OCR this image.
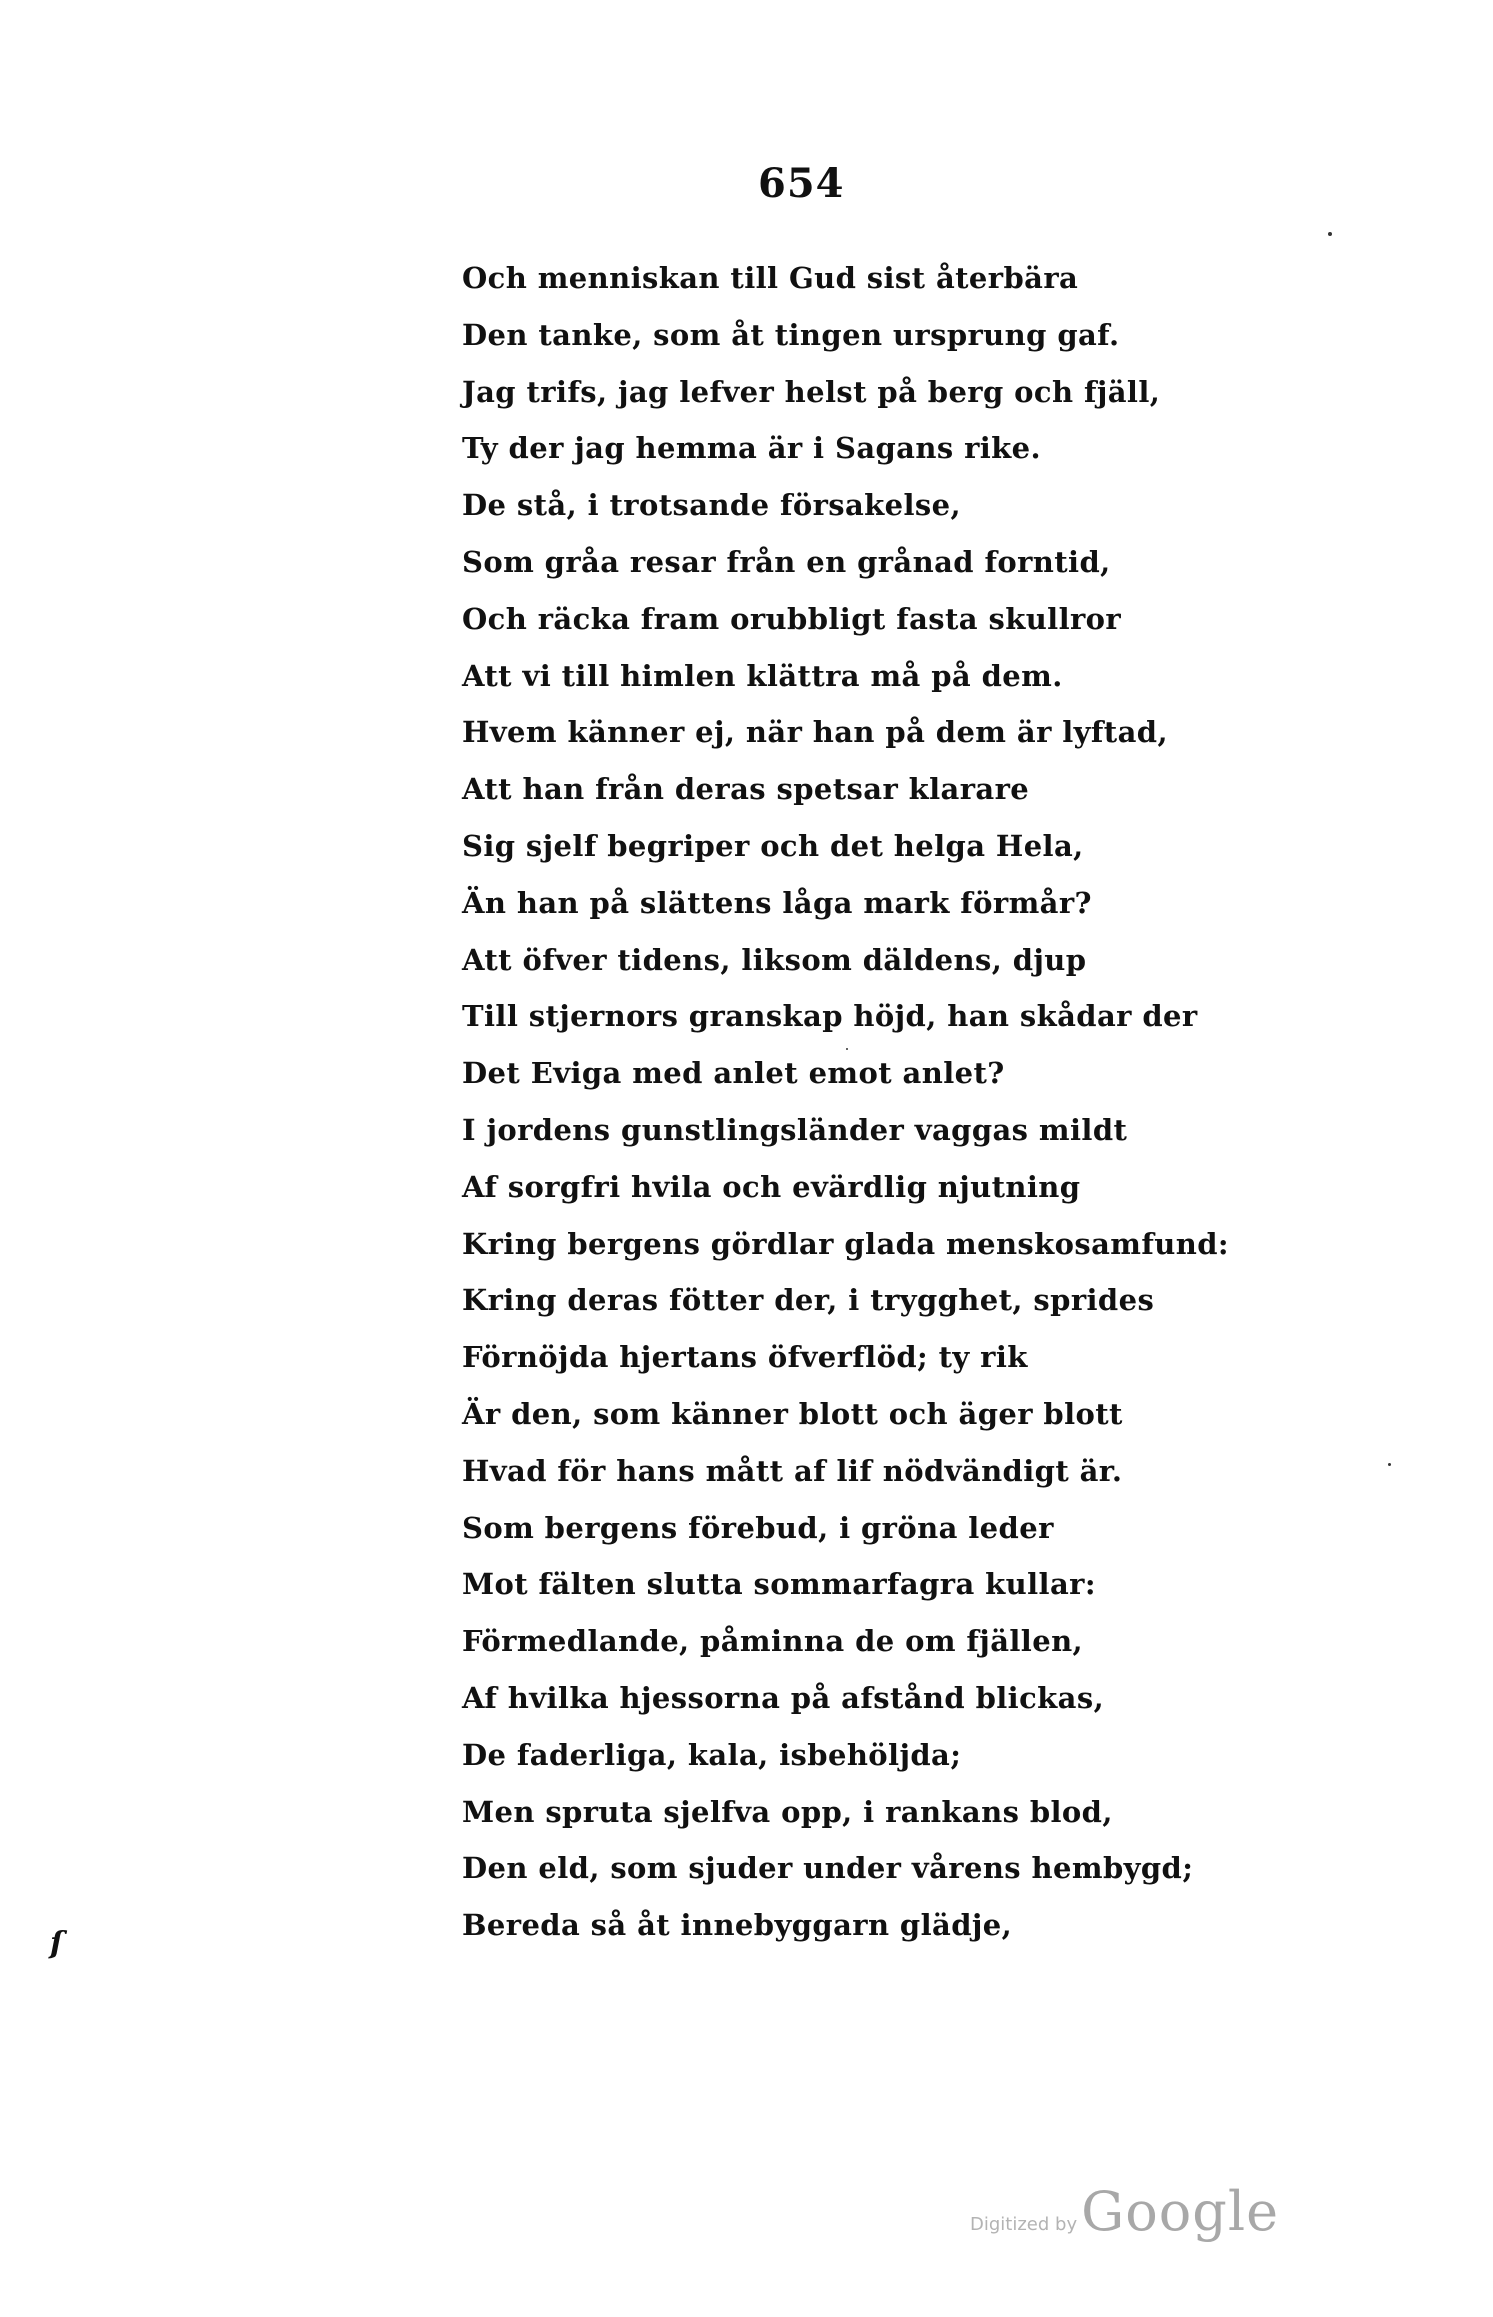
654
Och menniskan till Gud sist återbära
Den tanke, som åt tingen ursprung gaf.
Jag trifs, jag lefver helst på berg och fjäll,
Ty der jag hemma är i Sagans rike.
De stå, i trotsande försakelse,
Som gråa resar från en grånad forntid,
Och räcka fram orubbligt fasta skullror
Att vi till himlen klättra må på dem.
Hvem känner ej, när han på dem är lyftad,
Att han från deras spetsar klarare
Sig sjelf begriper och det helga Hela,
Än han på slättens låga mark förmår?
Att öfver tidens, liksom däldens, djup
Till stjernors granskap höjd, han skådar der
Det Eviga med anlet emot anlet?
I jordens gunstlingsländer vaggas mildt
Af sorgfri hvila och evärdlig njutning
Kring bergens gördlar glada menskosamfund:
Kring deras fötter der, i trygghet, sprides
Förnöjda hjertans öfverflöd; ty rik
Är den, som känner blott och äger blott
Hvad för hans mått af lif nödvändigt är.
Som bergens förebud, i gröna leder
Mot fälten slutta sommarfagra kullar:
Förmedlande, påminna de om fjällen,
Af hvilka hjessorna på afstånd blickas,
De faderliga, kala, isbehöljda;
Men spruta sjelfva opp, i rankans blod,
Den eld, som sjuder under vårens hembygd;
Bereda så åt innebyggarn glädje,
ſ
Digitized by Google
